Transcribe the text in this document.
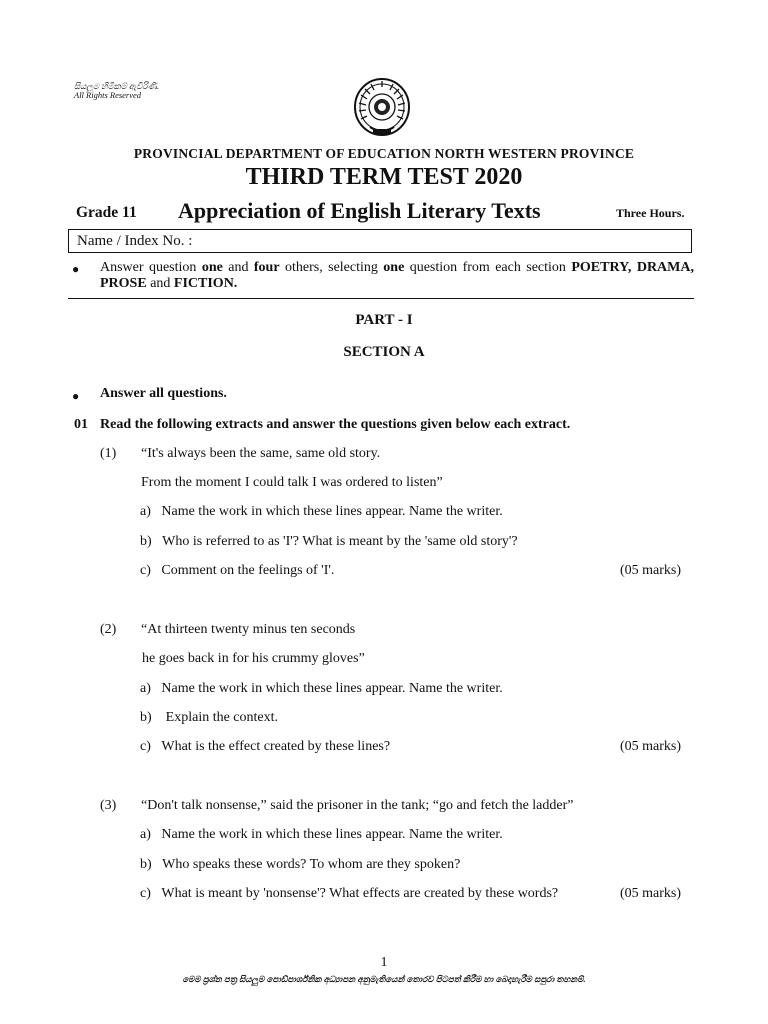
සියලුම හිමිකම් ඇවිරිණි.
All Rights Reserved
PROVINCIAL DEPARTMENT OF EDUCATION NORTH WESTERN PROVINCE
THIRD TERM TEST 2020
Grade 11 Appreciation of English Literary Texts	Three Hours.
Name / Index No. :
● Answer question one and four others, selecting one question from each section POETRY, DRAMA, PROSE and FICTION.
PART - I
SECTION A
● Answer all questions.
01 Read the following extracts and answer the questions given below each extract.
(1) “It's always been the same, same old story.
From the moment I could talk I was ordered to listen”
a)   Name the work in which these lines appear. Name the writer.
b)   Who is referred to as 'I'? What is meant by the 'same old story'?
c)   Comment on the feelings of 'I'.	(05 marks)
(2) “At thirteen twenty minus ten seconds
he goes back in for his crummy gloves”
a)   Name the work in which these lines appear. Name the writer.
b)    Explain the context.
c)   What is the effect created by these lines?	(05 marks)
(3) “Don't talk nonsense,” said the prisoner in the tank; “go and fetch the ladder”
a)   Name the work in which these lines appear. Name the writer.
b)   Who speaks these words? To whom are they spoken?
c)   What is meant by 'nonsense'? What effects are created by these words?	(05 marks)
1
මෙම ප්‍රශ්න පත්‍ර සියලුම පොඩ්පාර්ශ්නික අධ්‍යාපන අනුමැතියෙන් තොරව පිටපත් කිරීම හා බෙදාහැරීම සපුරා තහනම්.
